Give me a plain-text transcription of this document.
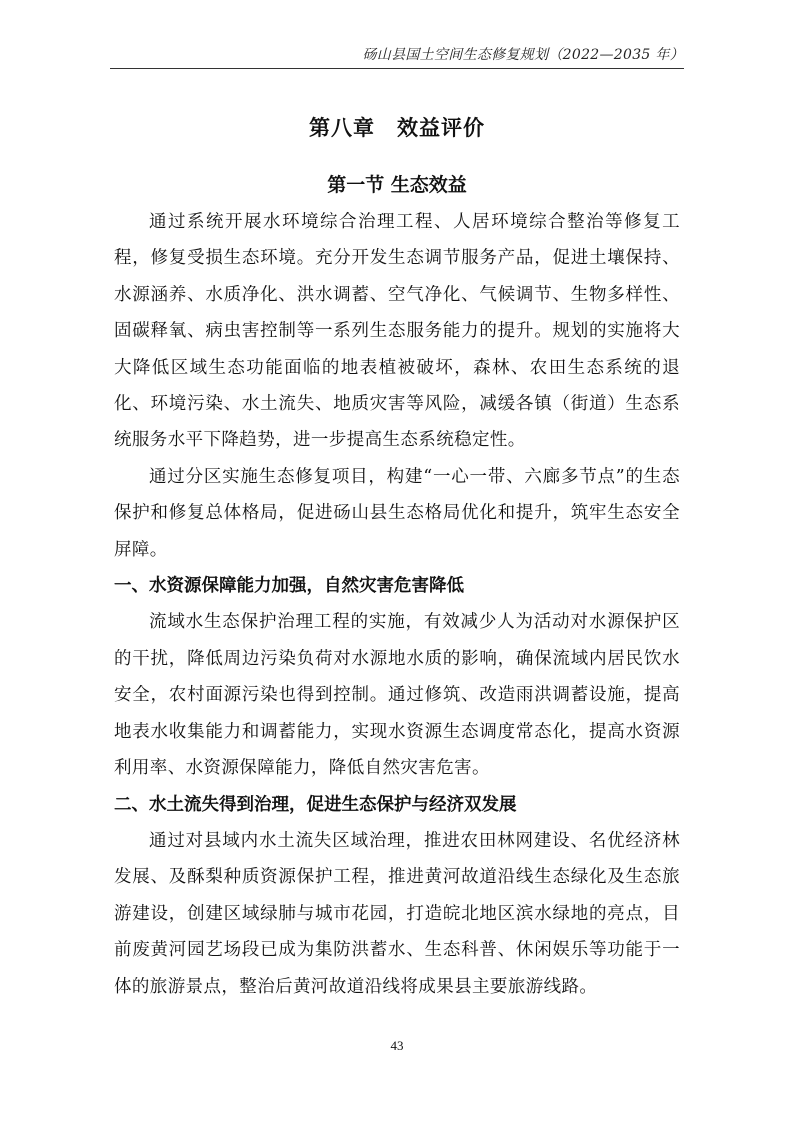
砀山县国土空间生态修复规划（2022—2035 年）
第八章　效益评价
第一节 生态效益

通过系统开展水环境综合治理工程、人居环境综合整治等修复工程，修复受损生态环境。充分开发生态调节服务产品，促进土壤保持、水源涵养、水质净化、洪水调蓄、空气净化、气候调节、生物多样性、固碳释氧、病虫害控制等一系列生态服务能力的提升。规划的实施将大大降低区域生态功能面临的地表植被破坏，森林、农田生态系统的退化、环境污染、水土流失、地质灾害等风险，减缓各镇（街道）生态系统服务水平下降趋势，进一步提高生态系统稳定性。

通过分区实施生态修复项目，构建“一心一带、六廊多节点”的生态保护和修复总体格局，促进砀山县生态格局优化和提升，筑牢生态安全屏障。

一、水资源保障能力加强，自然灾害危害降低

流域水生态保护治理工程的实施，有效减少人为活动对水源保护区的干扰，降低周边污染负荷对水源地水质的影响，确保流域内居民饮水安全，农村面源污染也得到控制。通过修筑、改造雨洪调蓄设施，提高地表水收集能力和调蓄能力，实现水资源生态调度常态化，提高水资源利用率、水资源保障能力，降低自然灾害危害。

二、水土流失得到治理，促进生态保护与经济双发展

通过对县域内水土流失区域治理，推进农田林网建设、名优经济林发展、及酥梨种质资源保护工程，推进黄河故道沿线生态绿化及生态旅游建设，创建区域绿肺与城市花园，打造皖北地区滨水绿地的亮点，目前废黄河园艺场段已成为集防洪蓄水、生态科普、休闲娱乐等功能于一体的旅游景点，整治后黄河故道沿线将成果县主要旅游线路。

43
